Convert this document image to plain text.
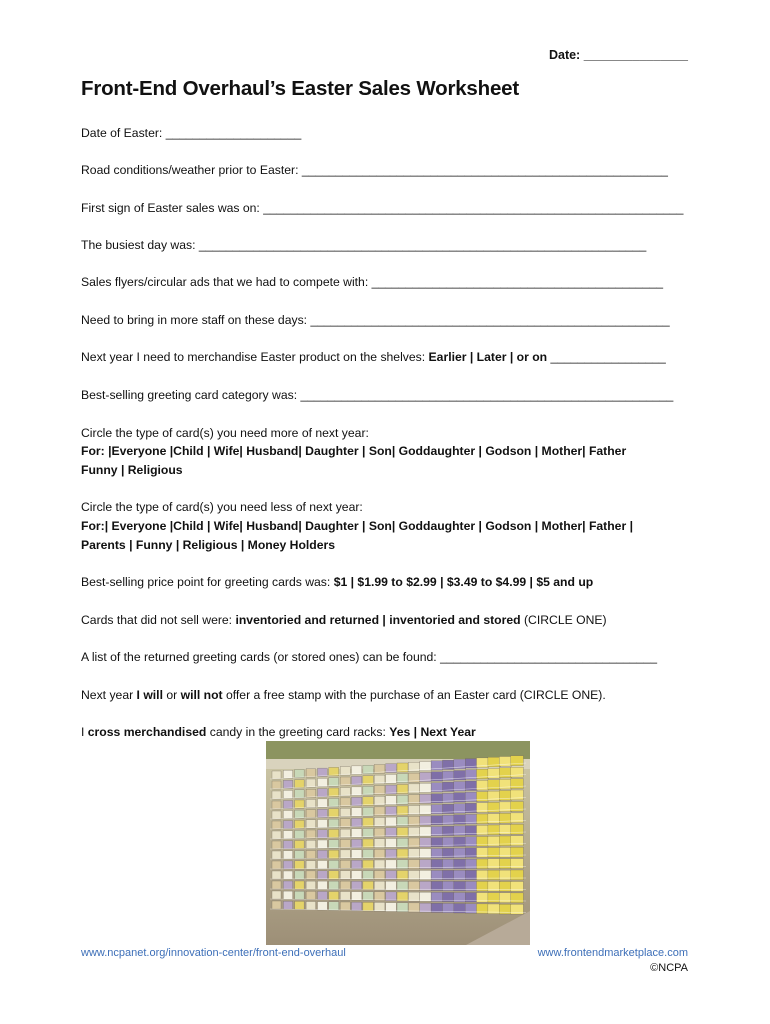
Date: _______________
Front-End Overhaul’s Easter Sales Worksheet
Date of Easter: ____________________
Road conditions/weather prior to Easter: ______________________________________________________
First sign of Easter sales was on: ______________________________________________________________
The busiest day was: __________________________________________________________________
Sales flyers/circular ads that we had to compete with: ___________________________________________
Need to bring in more staff on these days: _____________________________________________________
Next year I need to merchandise Easter product on the shelves: Earlier | Later | or on _________________
Best-selling greeting card category was: _______________________________________________________
Circle the type of card(s) you need more of next year:
For: |Everyone |Child | Wife| Husband| Daughter | Son| Goddaughter | Godson | Mother| Father
Funny | Religious
Circle the type of card(s) you need less of next year:
For:| Everyone |Child | Wife| Husband| Daughter | Son| Goddaughter | Godson | Mother| Father |
Parents | Funny | Religious | Money Holders
Best-selling price point for greeting cards was: $1 | $1.99 to $2.99 | $3.49 to $4.99 | $5 and up
Cards that did not sell were: inventoried and returned | inventoried and stored (CIRCLE ONE)
A list of the returned greeting cards (or stored ones) can be found: ________________________________
Next year I will or will not offer a free stamp with the purchase of an Easter card (CIRCLE ONE).
I cross merchandised candy in the greeting card racks: Yes | Next Year
www.ncpanet.org/innovation-center/front-end-overhaul	www.frontendmarketplace.com
©NCPA
